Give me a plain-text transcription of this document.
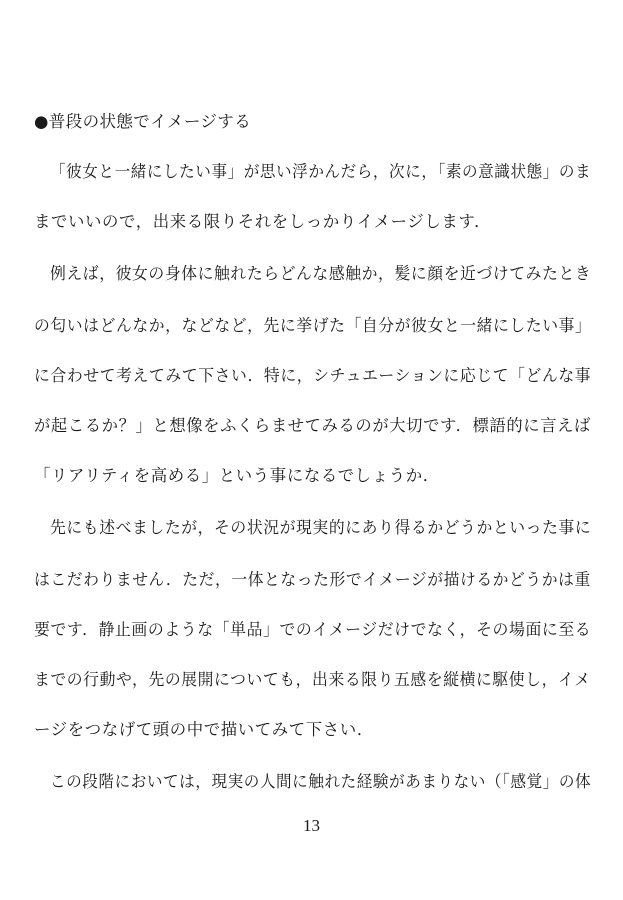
●普段の状態でイメージする
「彼女と一緒にしたい事」が思い浮かんだら，次に，「素の意識状態」のま
までいいので，出来る限りそれをしっかりイメージします．
例えば，彼女の身体に触れたらどんな感触か，髪に顔を近づけてみたとき
の匂いはどんなか，などなど，先に挙げた「自分が彼女と一緒にしたい事」
に合わせて考えてみて下さい．特に，シチュエーションに応じて「どんな事
が起こるか？」と想像をふくらませてみるのが大切です．標語的に言えば
「リアリティを高める」という事になるでしょうか．
先にも述べましたが，その状況が現実的にあり得るかどうかといった事に
はこだわりません．ただ，一体となった形でイメージが描けるかどうかは重
要です．静止画のような「単品」でのイメージだけでなく，その場面に至る
までの行動や，先の展開についても，出来る限り五感を縦横に駆使し，イメ
ージをつなげて頭の中で描いてみて下さい．
この段階においては，現実の人間に触れた経験があまりない（「感覚」の体
13
